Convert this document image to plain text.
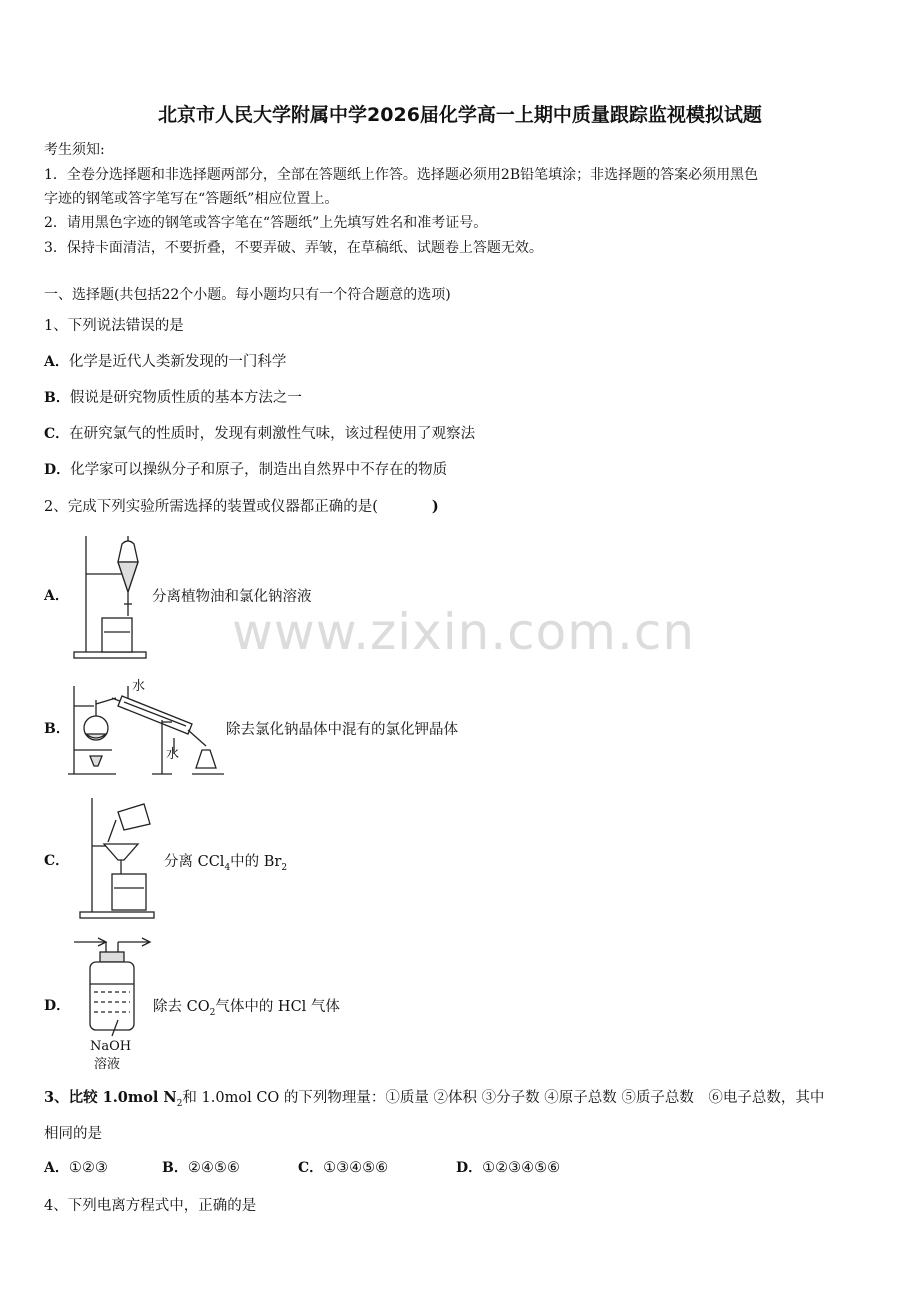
北京市人民大学附属中学2026届化学高一上期中质量跟踪监视模拟试题
考生须知:
1．全卷分选择题和非选择题两部分，全部在答题纸上作答。选择题必须用2B铅笔填涂；非选择题的答案必须用黑色
字迹的钢笔或答字笔写在“答题纸”相应位置上。
2．请用黑色字迹的钢笔或答字笔在“答题纸”上先填写姓名和准考证号。
3．保持卡面清洁，不要折叠，不要弄破、弄皱，在草稿纸、试题卷上答题无效。
一、选择题(共包括22个小题。每小题均只有一个符合题意的选项)
1、下列说法错误的是
A．化学是近代人类新发现的一门科学
B．假说是研究物质性质的基本方法之一
C．在研究氯气的性质时，发现有刺激性气味，该过程使用了观察法
D．化学家可以操纵分子和原子，制造出自然界中不存在的物质
2、完成下列实验所需选择的装置或仪器都正确的是(	)
A．	分离植物油和氯化钠溶液
B．
水
水
除去氯化钠晶体中混有的氯化钾晶体
C．	分离 CCl$_4$中的 $Br_2$
D．
NaOH
溶液
除去 $CO_2$气体中的 HCl 气体
www.zixin.com.cn
3、比较 1.0mol $N_2$和 1.0mol CO 的下列物理量：①质量 ②体积 ③分子数 ④原子总数 ⑤质子总数　⑥电子总数，其中
相同的是
A．①②③	B．②④⑤⑥	C．①③④⑤⑥	D．①②③④⑤⑥
4、下列电离方程式中，正确的是
